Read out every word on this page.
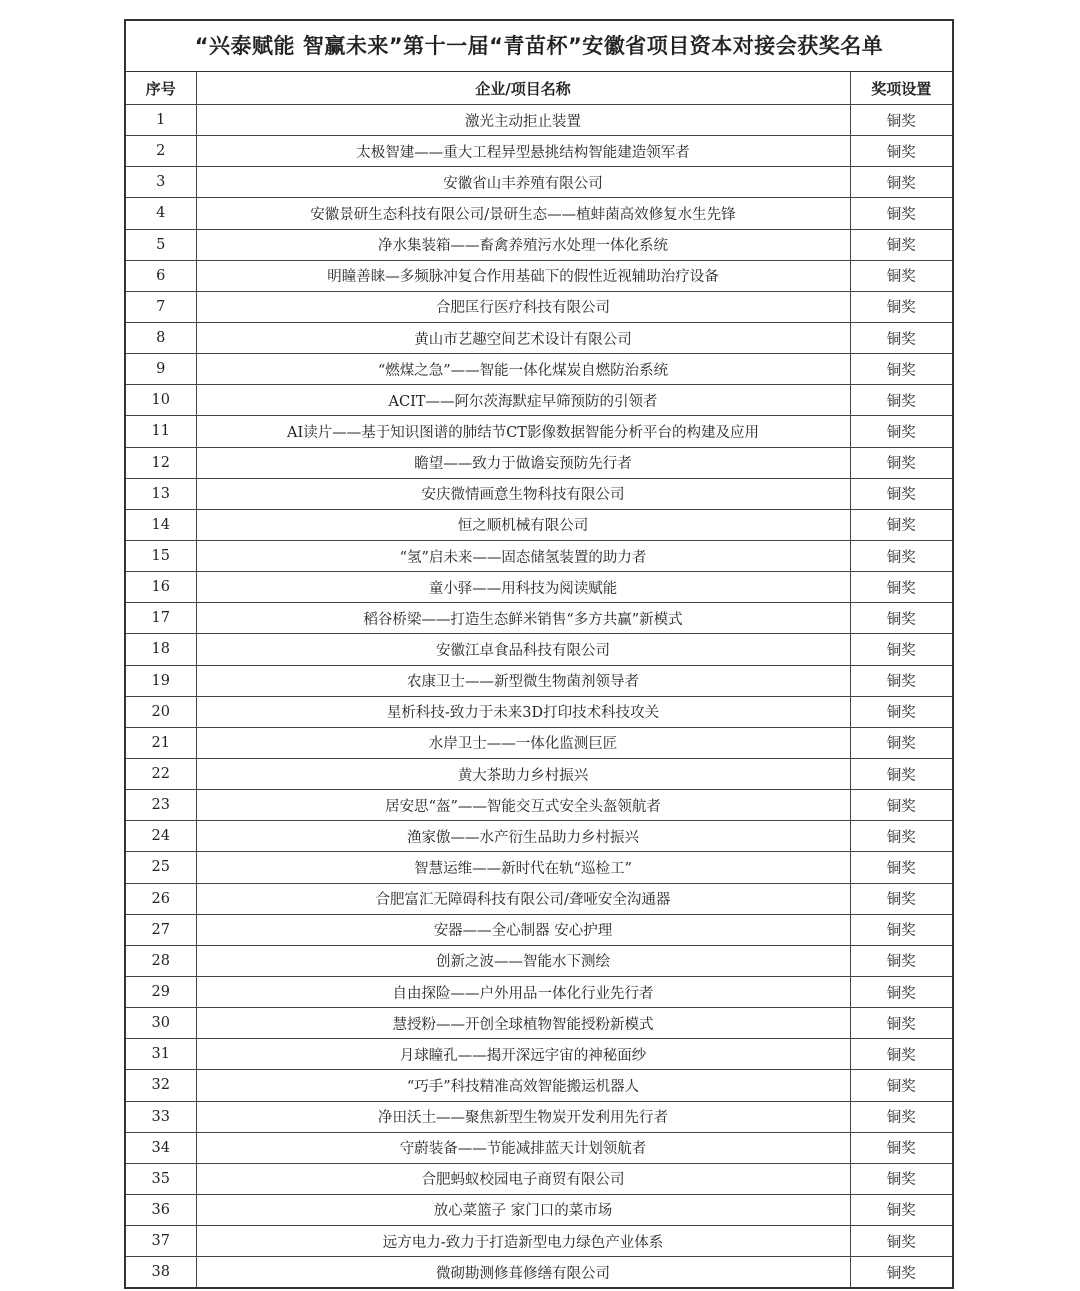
“兴泰赋能 智赢未来”第十一届“青苗杯”安徽省项目资本对接会获奖名单
序号	企业/项目名称	奖项设置
1	激光主动拒止装置	铜奖
2	太极智建——重大工程异型悬挑结构智能建造领军者	铜奖
3	安徽省山丰养殖有限公司	铜奖
4	安徽景研生态科技有限公司/景研生态——植蚌菌高效修复水生先锋	铜奖
5	净水集装箱——畜禽养殖污水处理一体化系统	铜奖
6	明瞳善睐—多频脉冲复合作用基础下的假性近视辅助治疗设备	铜奖
7	合肥匡行医疗科技有限公司	铜奖
8	黄山市艺趣空间艺术设计有限公司	铜奖
9	“燃煤之急”——智能一体化煤炭自燃防治系统	铜奖
10	ACIT——阿尔茨海默症早筛预防的引领者	铜奖
11	AI读片——基于知识图谱的肺结节CT影像数据智能分析平台的构建及应用	铜奖
12	瞻望——致力于做谵妄预防先行者	铜奖
13	安庆微情画意生物科技有限公司	铜奖
14	恒之顺机械有限公司	铜奖
15	“氢”启未来——固态储氢装置的助力者	铜奖
16	童小驿——用科技为阅读赋能	铜奖
17	稻谷桥梁——打造生态鲜米销售“多方共赢”新模式	铜奖
18	安徽江卓食品科技有限公司	铜奖
19	农康卫士——新型微生物菌剂领导者	铜奖
20	星析科技-致力于未来3D打印技术科技攻关	铜奖
21	水岸卫士——一体化监测巨匠	铜奖
22	黄大茶助力乡村振兴	铜奖
23	居安思“盔”——智能交互式安全头盔领航者	铜奖
24	渔家傲——水产衍生品助力乡村振兴	铜奖
25	智慧运维——新时代在轨“巡检工”	铜奖
26	合肥富汇无障碍科技有限公司/聋哑安全沟通器	铜奖
27	安器——全心制器 安心护理	铜奖
28	创新之波——智能水下测绘	铜奖
29	自由探险——户外用品一体化行业先行者	铜奖
30	慧授粉——开创全球植物智能授粉新模式	铜奖
31	月球瞳孔——揭开深远宇宙的神秘面纱	铜奖
32	“巧手”科技精准高效智能搬运机器人	铜奖
33	净田沃土——聚焦新型生物炭开发利用先行者	铜奖
34	守蔚装备——节能减排蓝天计划领航者	铜奖
35	合肥蚂蚁校园电子商贸有限公司	铜奖
36	放心菜篮子 家门口的菜市场	铜奖
37	远方电力-致力于打造新型电力绿色产业体系	铜奖
38	微砌勘测修葺修缮有限公司	铜奖
